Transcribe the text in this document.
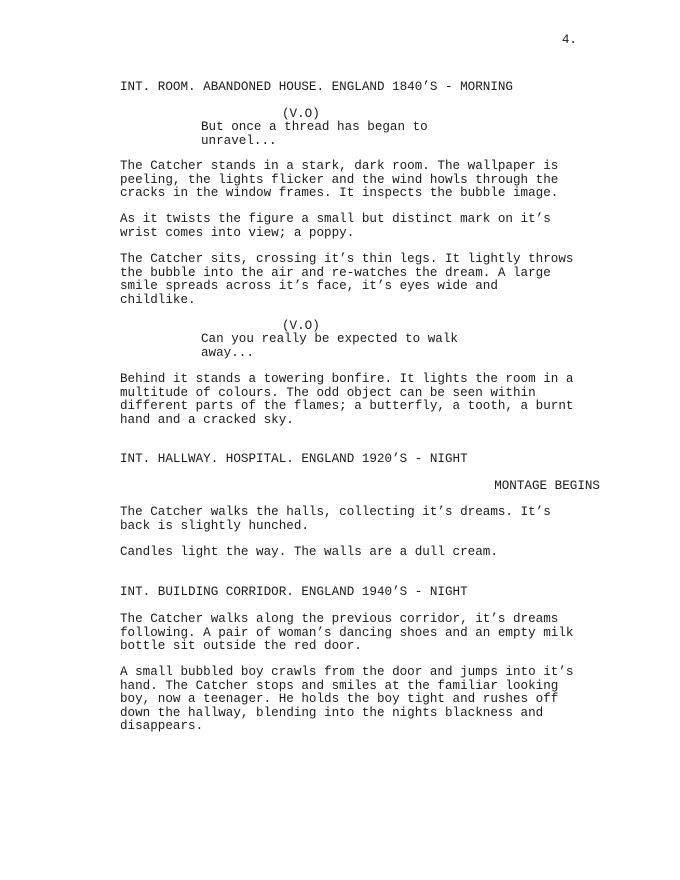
4.
INT. ROOM. ABANDONED HOUSE. ENGLAND 1840’S - MORNING
(V.O)
But once a thread has began to
unravel...
The Catcher stands in a stark, dark room. The wallpaper is
peeling, the lights flicker and the wind howls through the
cracks in the window frames. It inspects the bubble image.
As it twists the figure a small but distinct mark on it’s
wrist comes into view; a poppy.
The Catcher sits, crossing it’s thin legs. It lightly throws
the bubble into the air and re-watches the dream. A large
smile spreads across it’s face, it’s eyes wide and
childlike.
(V.O)
Can you really be expected to walk
away...
Behind it stands a towering bonfire. It lights the room in a
multitude of colours. The odd object can be seen within
different parts of the flames; a butterfly, a tooth, a burnt
hand and a cracked sky.
INT. HALLWAY. HOSPITAL. ENGLAND 1920’S - NIGHT
MONTAGE BEGINS
The Catcher walks the halls, collecting it’s dreams. It’s
back is slightly hunched.
Candles light the way. The walls are a dull cream.
INT. BUILDING CORRIDOR. ENGLAND 1940’S - NIGHT
The Catcher walks along the previous corridor, it’s dreams
following. A pair of woman’s dancing shoes and an empty milk
bottle sit outside the red door.
A small bubbled boy crawls from the door and jumps into it’s
hand. The Catcher stops and smiles at the familiar looking
boy, now a teenager. He holds the boy tight and rushes off
down the hallway, blending into the nights blackness and
disappears.
